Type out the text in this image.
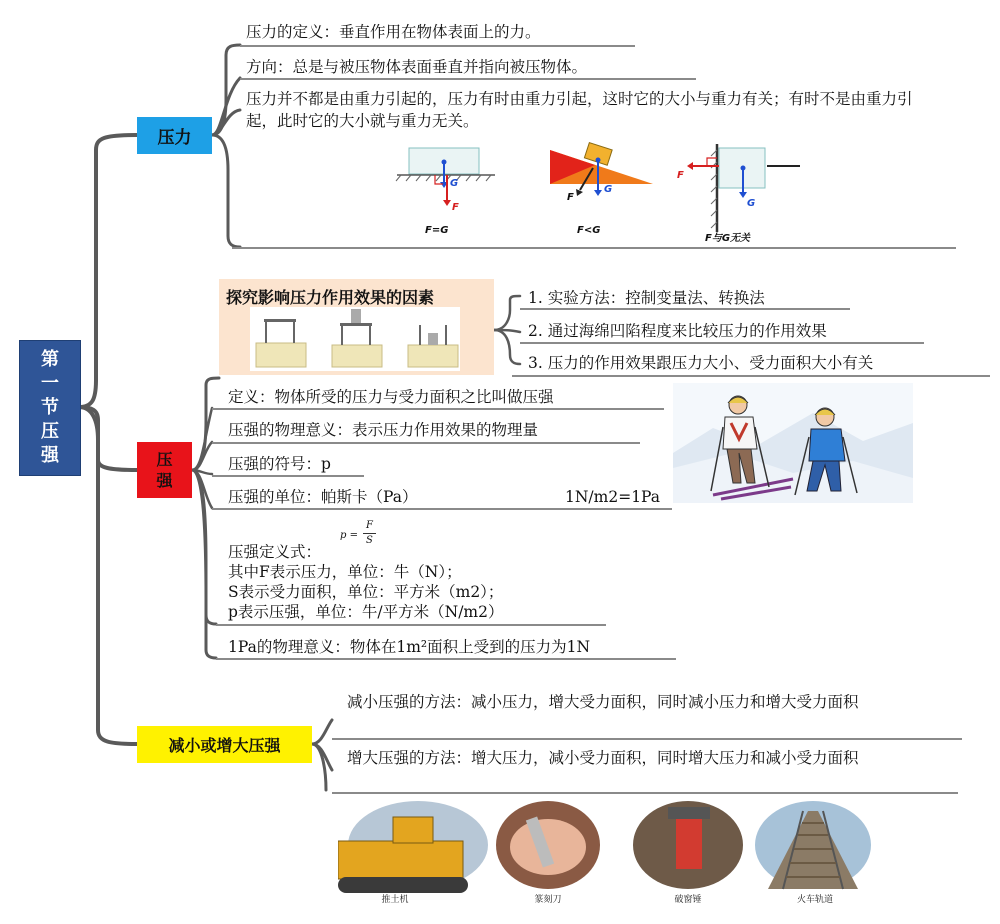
第
一
节
压
强
压力
压力的定义：垂直作用在物体表面上的力。
方向：总是与被压物体表面垂直并指向被压物体。
压力并不都是由重力引起的，压力有时由重力引起，这时它的大小与重力有关；有时不是由重力引起，此时它的大小就与重力无关。
G
F
F
G
F
G
F=G	F<G
F与G无关
探究影响压力作用效果的因素	1. 实验方法：控制变量法、转换法
2. 通过海绵凹陷程度来比较压力的作用效果
3. 压力的作用效果跟压力大小、受力面积大小有关
压
强
定义：物体所受的压力与受力面积之比叫做压强
压强的物理意义：表示压力作用效果的物理量
压强的符号：p
压强的单位：帕斯卡（Pa）	1N/m2=1Pa
压强定义式：
p =
F
S
其中F表示压力，单位：牛（N）；
S表示受力面积，单位：平方米（m2）；
p表示压强，单位：牛/平方米（N/m2）
1Pa的物理意义：物体在1m²面积上受到的压力为1N
减小或增大压强
减小压强的方法：减小压力，增大受力面积，同时减小压力和增大受力面积
增大压强的方法：增大压力，减小受力面积，同时增大压力和减小受力面积
推土机	篆刻刀	破窗锤	火车轨道
